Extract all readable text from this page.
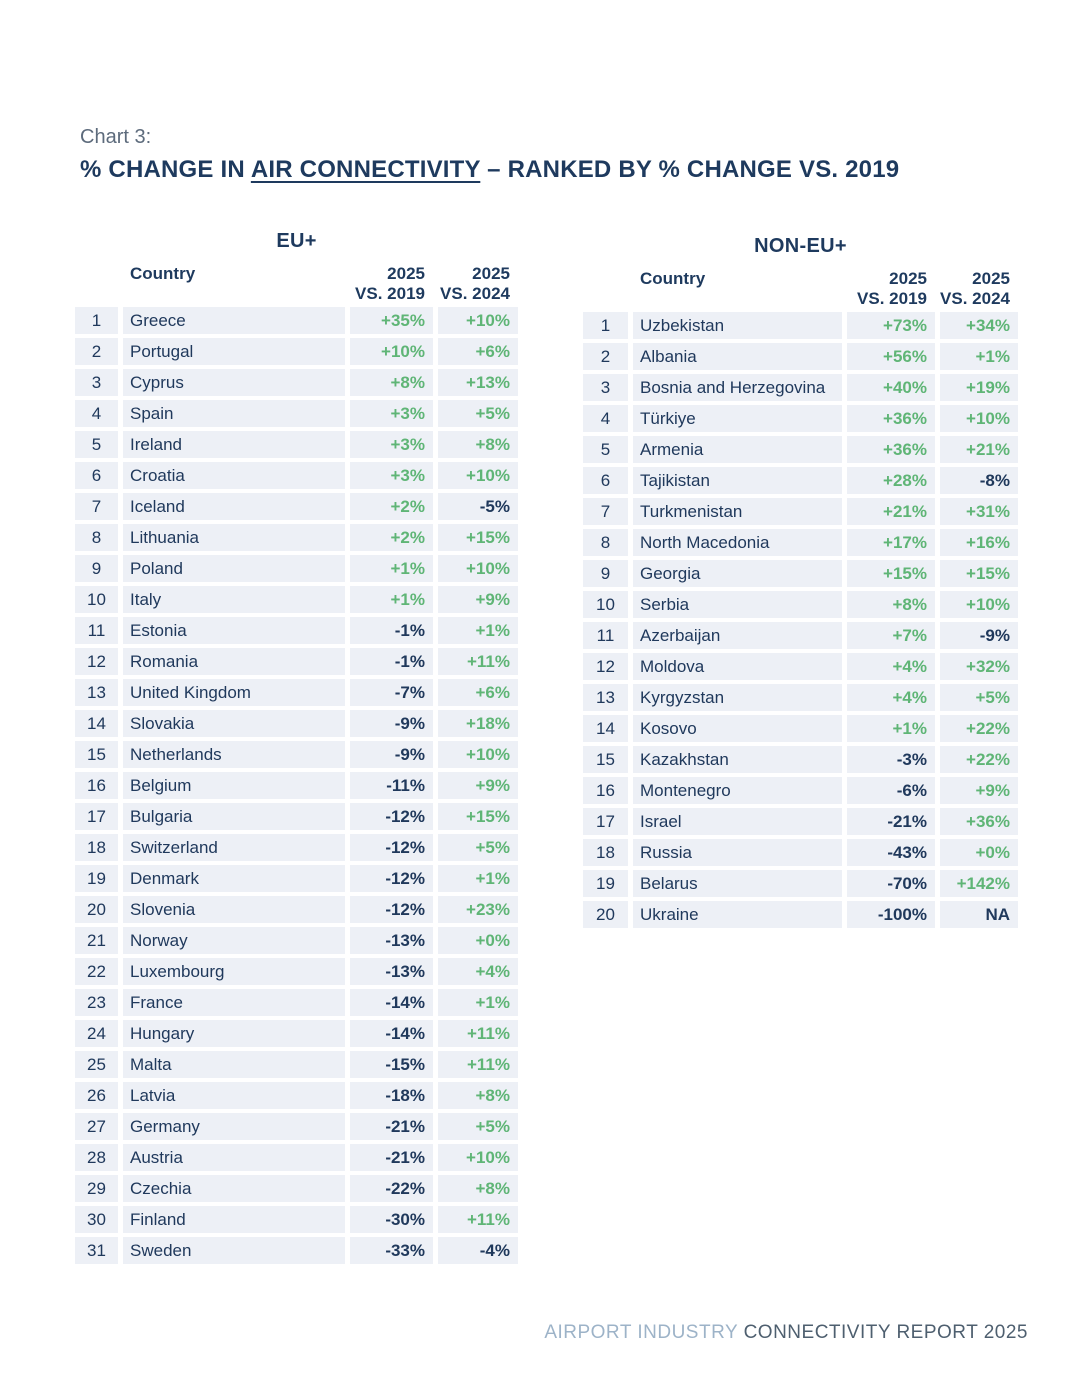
Chart 3:
% CHANGE IN AIR CONNECTIVITY – RANKED BY % CHANGE VS. 2019
EU+
Country	2025
VS. 2019
2025
VS. 2024
1	Greece	+35%	+10%
2	Portugal	+10%	+6%
3	Cyprus	+8%	+13%
4	Spain	+3%	+5%
5	Ireland	+3%	+8%
6	Croatia	+3%	+10%
7	Iceland	+2%	-5%
8	Lithuania	+2%	+15%
9	Poland	+1%	+10%
10	Italy	+1%	+9%
11	Estonia	-1%	+1%
12	Romania	-1%	+11%
13	United Kingdom	-7%	+6%
14	Slovakia	-9%	+18%
15	Netherlands	-9%	+10%
16	Belgium	-11%	+9%
17	Bulgaria	-12%	+15%
18	Switzerland	-12%	+5%
19	Denmark	-12%	+1%
20	Slovenia	-12%	+23%
21	Norway	-13%	+0%
22	Luxembourg	-13%	+4%
23	France	-14%	+1%
24	Hungary	-14%	+11%
25	Malta	-15%	+11%
26	Latvia	-18%	+8%
27	Germany	-21%	+5%
28	Austria	-21%	+10%
29	Czechia	-22%	+8%
30	Finland	-30%	+11%
31	Sweden	-33%	-4%
NON-EU+
Country	2025
VS. 2019
2025
VS. 2024
1	Uzbekistan	+73%	+34%
2	Albania	+56%	+1%
3	Bosnia and Herzegovina	+40%	+19%
4	Türkiye	+36%	+10%
5	Armenia	+36%	+21%
6	Tajikistan	+28%	-8%
7	Turkmenistan	+21%	+31%
8	North Macedonia	+17%	+16%
9	Georgia	+15%	+15%
10	Serbia	+8%	+10%
11	Azerbaijan	+7%	-9%
12	Moldova	+4%	+32%
13	Kyrgyzstan	+4%	+5%
14	Kosovo	+1%	+22%
15	Kazakhstan	-3%	+22%
16	Montenegro	-6%	+9%
17	Israel	-21%	+36%
18	Russia	-43%	+0%
19	Belarus	-70%	+142%
20	Ukraine	-100%	NA
AIRPORT INDUSTRY CONNECTIVITY REPORT 2025
